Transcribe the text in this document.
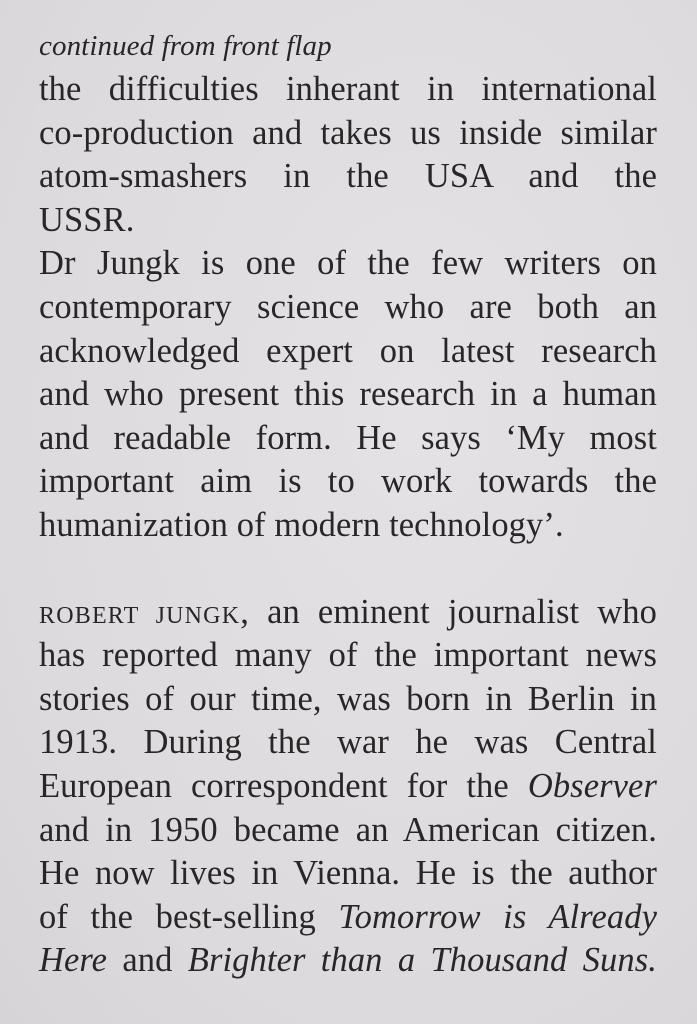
continued from front flap
the difficulties inherant in international
co-production and takes us inside similar
atom-smashers in the USA and the
USSR.
Dr Jungk is one of the few writers on
contemporary science who are both an
acknowledged expert on latest research
and who present this research in a human
and readable form. He says ‘My most
important aim is to work towards the
humanization of modern technology’.
ROBERT JUNGK, an eminent journalist who
has reported many of the important news
stories of our time, was born in Berlin in
1913. During the war he was Central
European correspondent for the Observer
and in 1950 became an American citizen.
He now lives in Vienna. He is the author
of the best-selling Tomorrow is Already
Here and Brighter than a Thousand Suns.
